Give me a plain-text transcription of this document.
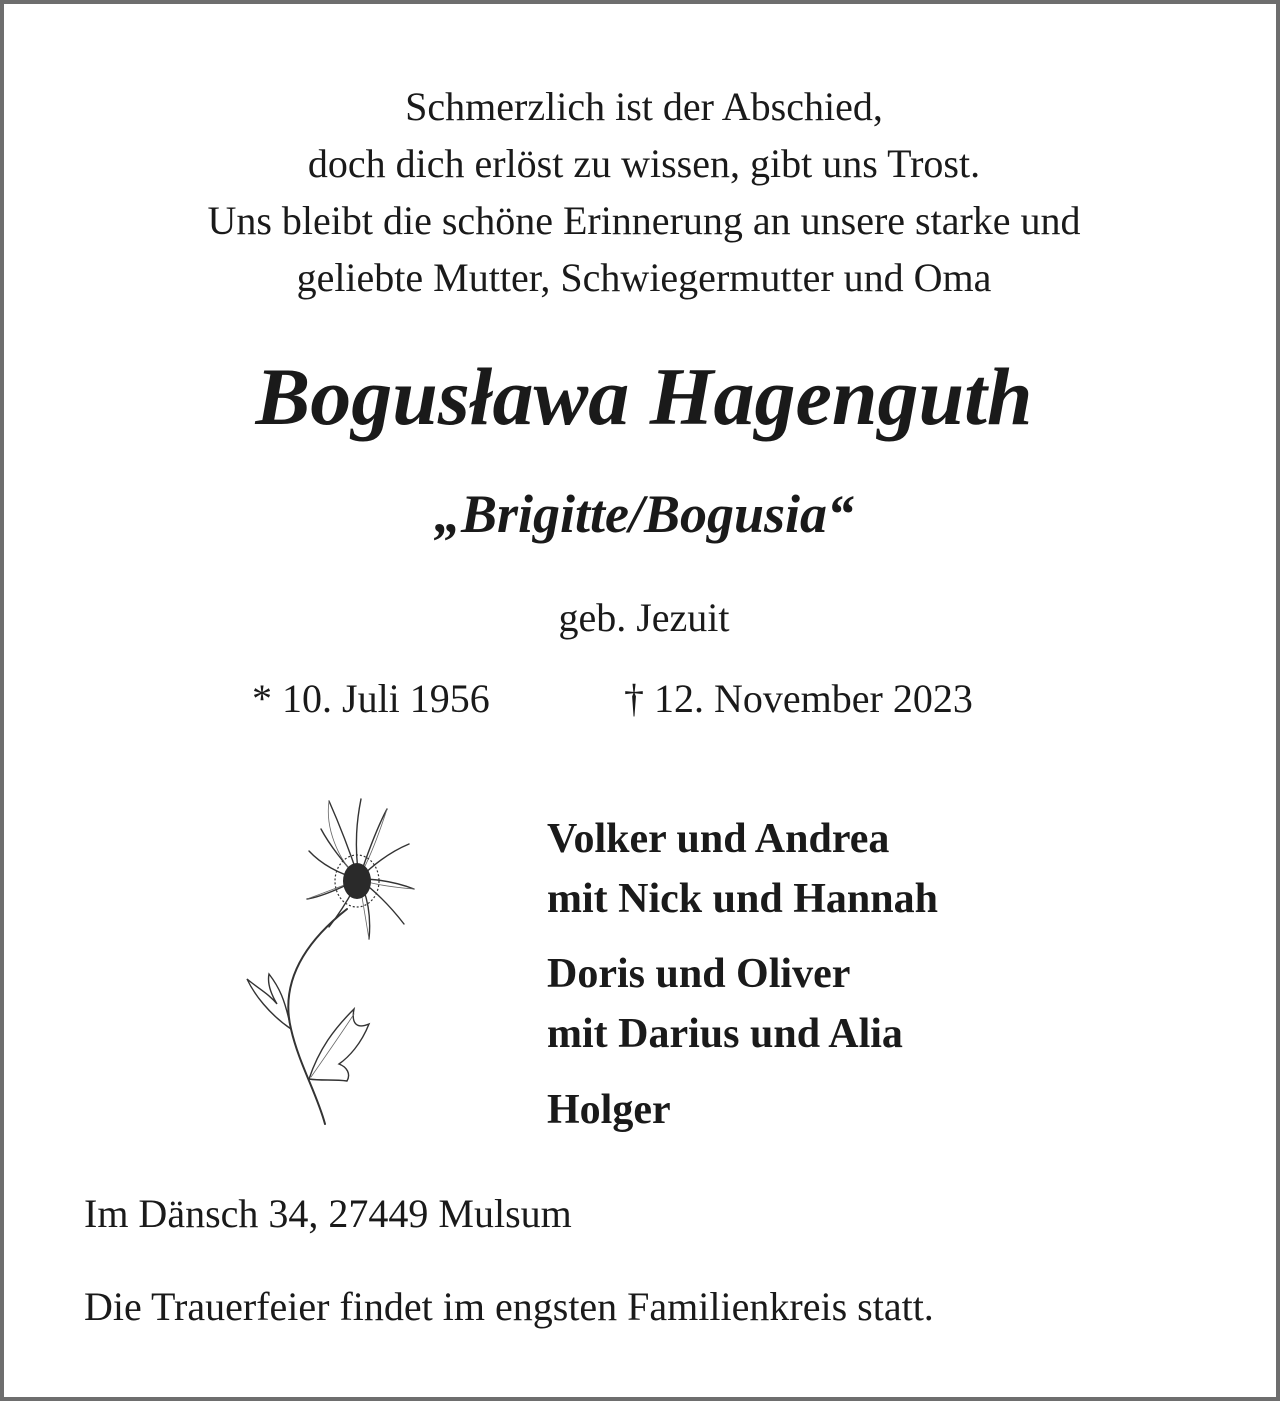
Schmerzlich ist der Abschied,
doch dich erlöst zu wissen, gibt uns Trost.
Uns bleibt die schöne Erinnerung an unsere starke und
geliebte Mutter, Schwiegermutter und Oma
Bogusława Hagenguth
„Brigitte/Bogusia“
geb. Jezuit
* 10. Juli 1956	† 12. November 2023
Volker und Andrea
mit Nick und Hannah
Doris und Oliver
mit Darius und Alia
Holger
Im Dänsch 34, 27449 Mulsum
Die Trauerfeier findet im engsten Familienkreis statt.
